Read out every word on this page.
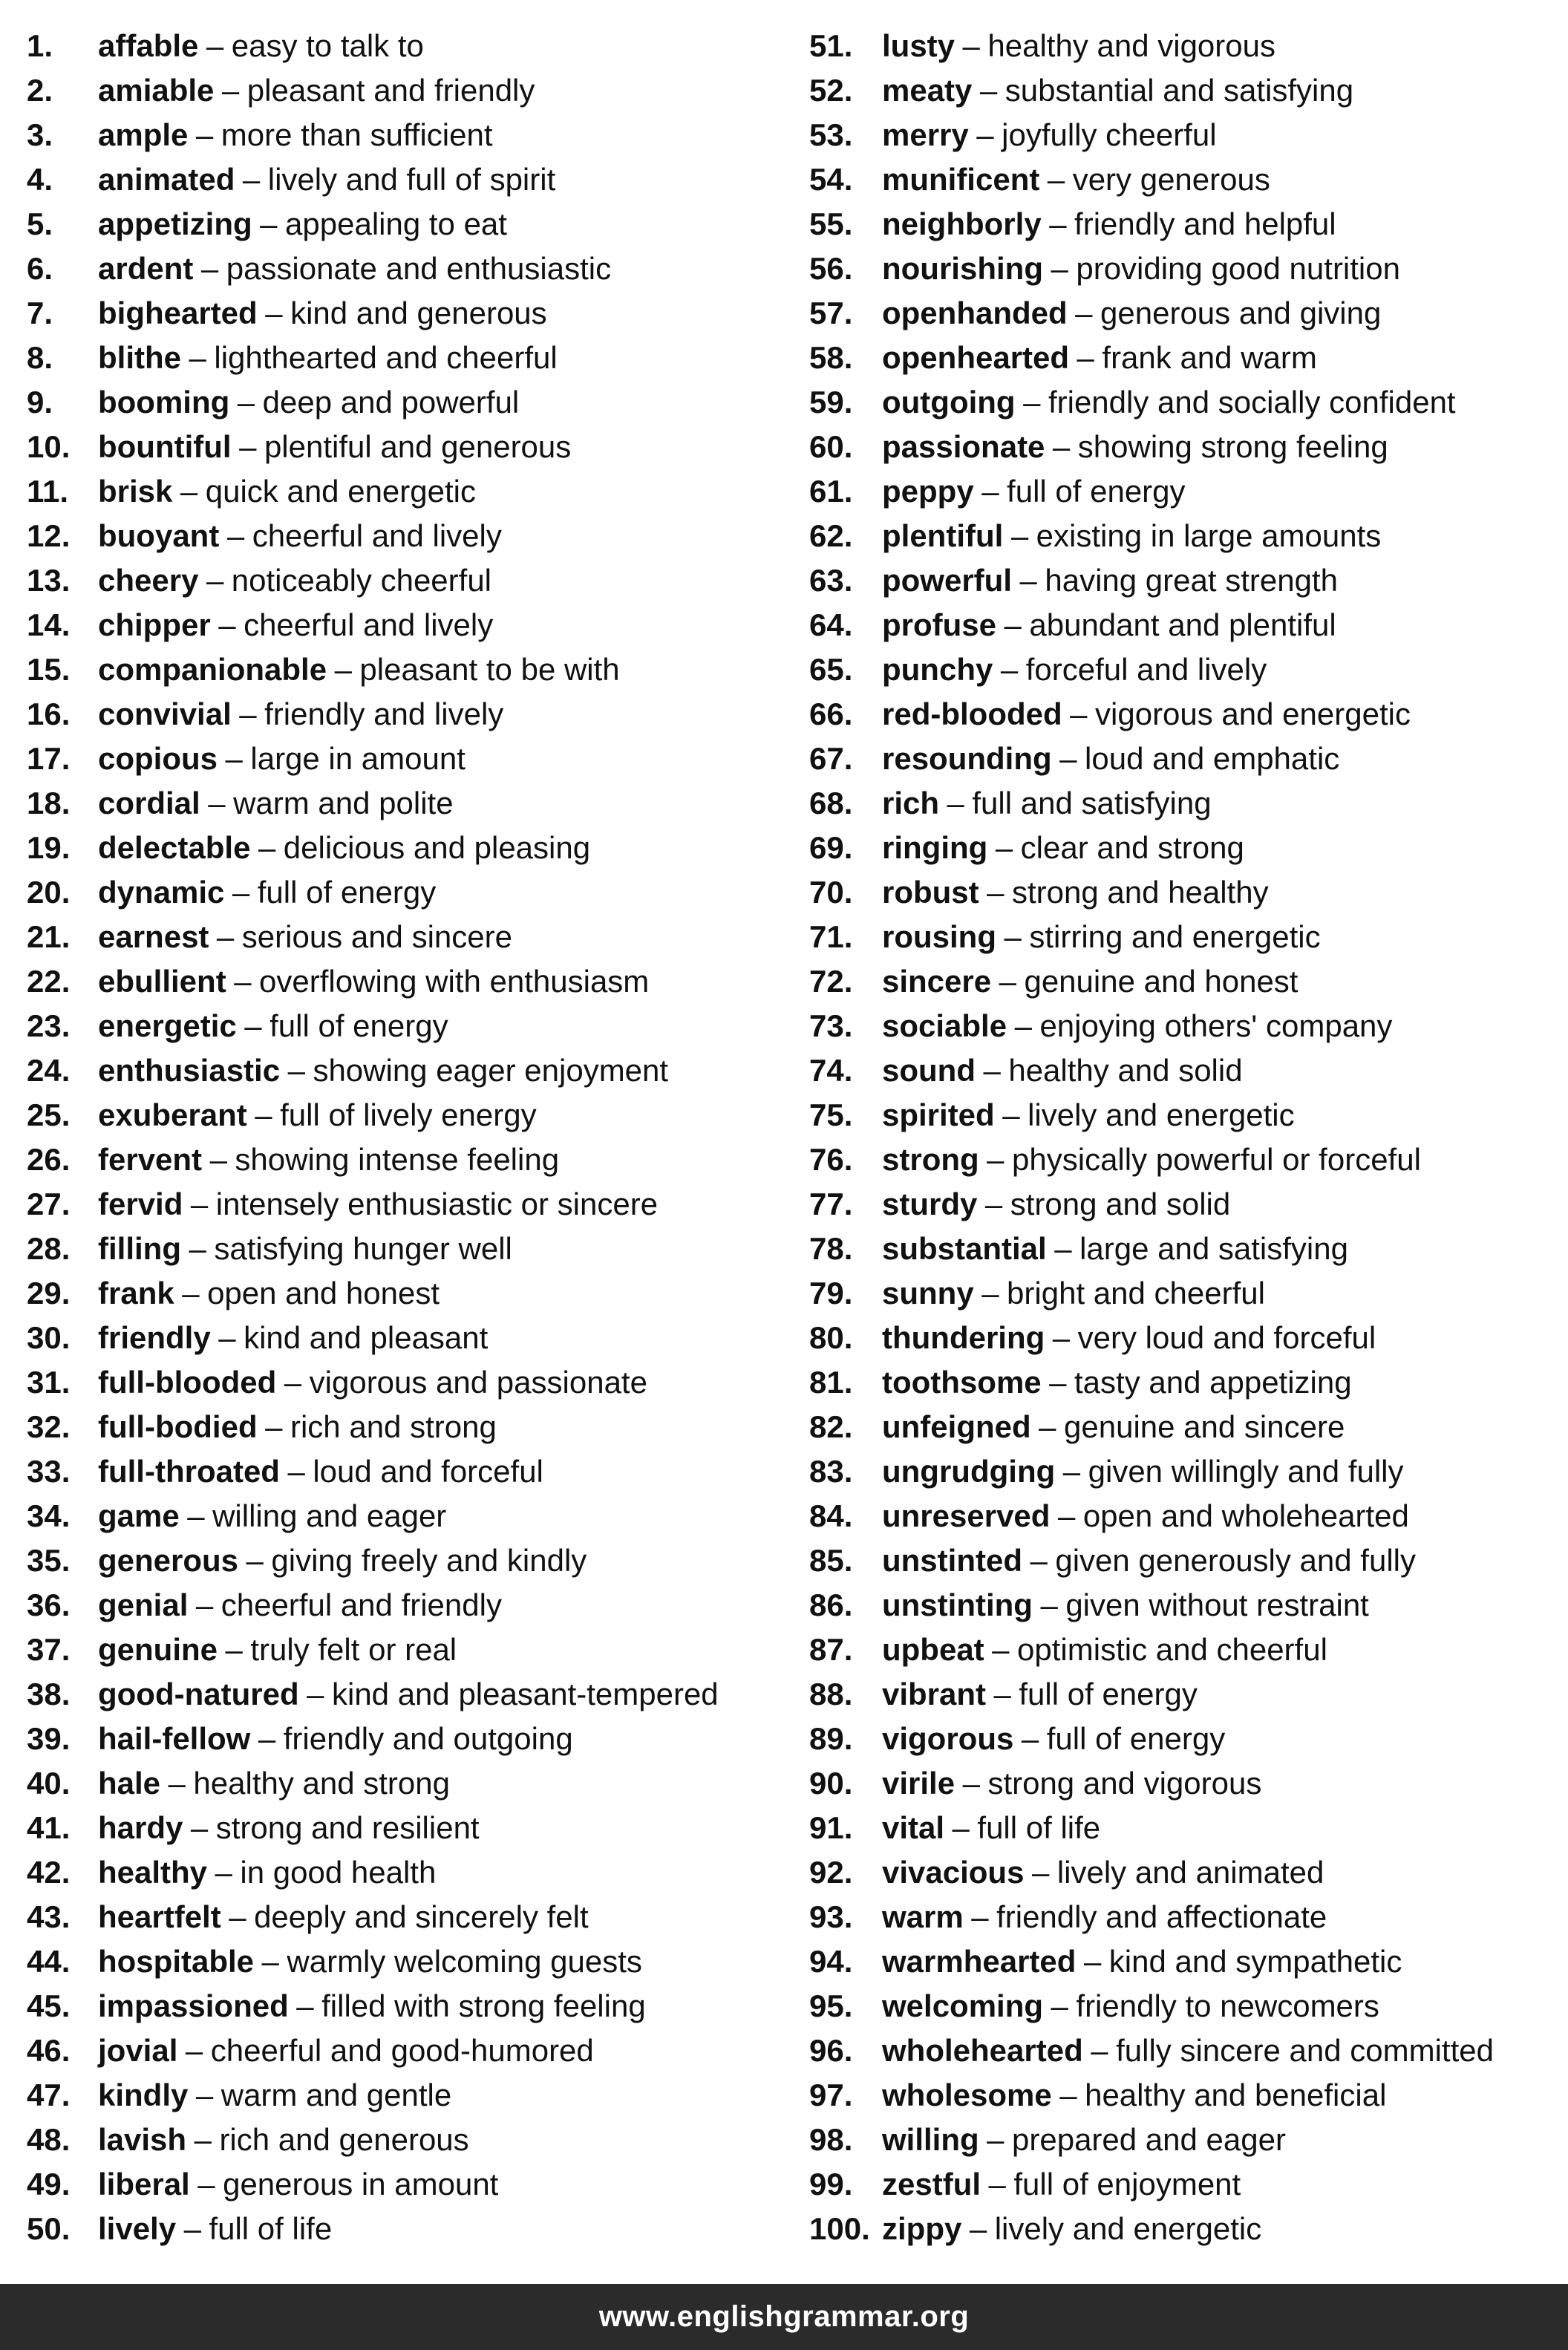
1.	affable – easy to talk to
2.	amiable – pleasant and friendly
3.	ample – more than sufficient
4.	animated – lively and full of spirit
5.	appetizing – appealing to eat
6.	ardent – passionate and enthusiastic
7.	bighearted – kind and generous
8.	blithe – lighthearted and cheerful
9.	booming – deep and powerful
10. bountiful – plentiful and generous
11. brisk – quick and energetic
12. buoyant – cheerful and lively
13. cheery – noticeably cheerful
14. chipper – cheerful and lively
15. companionable – pleasant to be with
16. convivial – friendly and lively
17. copious – large in amount
18. cordial – warm and polite
19. delectable – delicious and pleasing
20. dynamic – full of energy
21. earnest – serious and sincere
22. ebullient – overflowing with enthusiasm
23. energetic – full of energy
24. enthusiastic – showing eager enjoyment
25. exuberant – full of lively energy
26. fervent – showing intense feeling
27. fervid – intensely enthusiastic or sincere
28. filling – satisfying hunger well
29. frank – open and honest
30. friendly – kind and pleasant
31. full-blooded – vigorous and passionate
32. full-bodied – rich and strong
33. full-throated – loud and forceful
34. game – willing and eager
35. generous – giving freely and kindly
36. genial – cheerful and friendly
37. genuine – truly felt or real
38. good-natured – kind and pleasant-tempered
39. hail-fellow – friendly and outgoing
40. hale – healthy and strong
41. hardy – strong and resilient
42. healthy – in good health
43. heartfelt – deeply and sincerely felt
44. hospitable – warmly welcoming guests
45. impassioned – filled with strong feeling
46. jovial – cheerful and good-humored
47. kindly – warm and gentle
48. lavish – rich and generous
49. liberal – generous in amount
50. lively – full of life
51. lusty – healthy and vigorous
52. meaty – substantial and satisfying
53. merry – joyfully cheerful
54. munificent – very generous
55. neighborly – friendly and helpful
56. nourishing – providing good nutrition
57. openhanded – generous and giving
58. openhearted – frank and warm
59. outgoing – friendly and socially confident
60. passionate – showing strong feeling
61. peppy – full of energy
62. plentiful – existing in large amounts
63. powerful – having great strength
64. profuse – abundant and plentiful
65. punchy – forceful and lively
66. red-blooded – vigorous and energetic
67. resounding – loud and emphatic
68. rich – full and satisfying
69. ringing – clear and strong
70. robust – strong and healthy
71. rousing – stirring and energetic
72. sincere – genuine and honest
73. sociable – enjoying others' company
74. sound – healthy and solid
75. spirited – lively and energetic
76. strong – physically powerful or forceful
77. sturdy – strong and solid
78. substantial – large and satisfying
79. sunny – bright and cheerful
80. thundering – very loud and forceful
81. toothsome – tasty and appetizing
82. unfeigned – genuine and sincere
83. ungrudging – given willingly and fully
84. unreserved – open and wholehearted
85. unstinted – given generously and fully
86. unstinting – given without restraint
87. upbeat – optimistic and cheerful
88. vibrant – full of energy
89. vigorous – full of energy
90. virile – strong and vigorous
91. vital – full of life
92. vivacious – lively and animated
93. warm – friendly and affectionate
94. warmhearted – kind and sympathetic
95. welcoming – friendly to newcomers
96. wholehearted – fully sincere and committed
97. wholesome – healthy and beneficial
98. willing – prepared and eager
99. zestful – full of enjoyment
100. zippy – lively and energetic
www.englishgrammar.org
